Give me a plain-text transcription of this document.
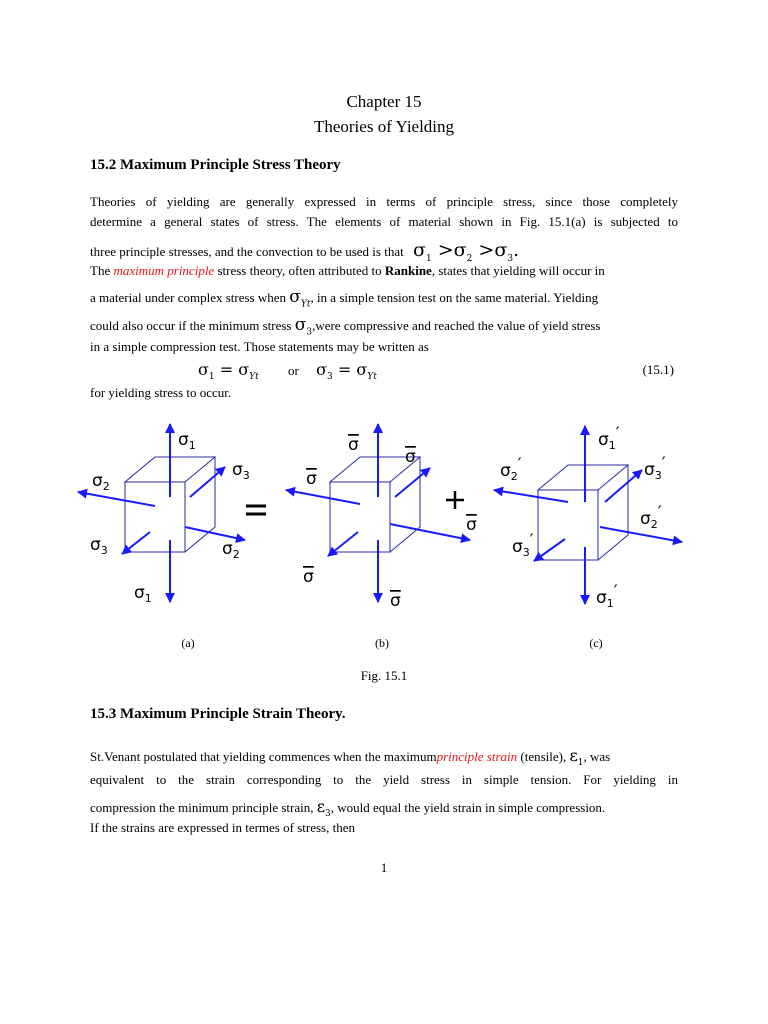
Chapter 15
Theories of Yielding
15.2 Maximum Principle Stress Theory
Theories of yielding are generally expressed in terms of principle stress, since those completely
determine a general states of stress. The elements of material shown in Fig. 15.1(a) is subjected to
three principle stresses, and the convection to be used is that $\sigma_1 >\sigma_2 >\sigma_3$.
The maximum principle stress theory, often attributed to Rankine, states that yielding will occur in
a material under complex stress when $\sigma_{Yt}$, in a simple tension test on the same material. Yielding
could also occur if the minimum stress $\sigma_3,were$ compressive and reached the value of yield stress
in a simple compression test. Those statements may be written as
$\sigma_1 = \sigma_{Yt}$ or $\sigma_3 = \sigma_{Yt}$
(15.1)
for yielding stress to occur.
$\sigma_1$
$\sigma_3$
$\sigma_2$
$\sigma_3$	$\sigma_2$
$\sigma_1$
σ
σ
σ
σ
σ
σ
$\sigma_1'$
$\sigma_3'$
$\sigma_2'$
$\sigma_2'$
$\sigma_3'$
$\sigma_1'$
(a)	(b)	(c)
Fig. 15.1
15.3 Maximum Principle Strain Theory.
St.Venant postulated that yielding commences when the maximumprinciple strain (tensile), $\varepsilon_1$, was
equivalent to the strain corresponding to the yield stress in simple tension. For yielding in
compression the minimum principle strain, $\varepsilon_3$, would equal the yield strain in simple compression.
If the strains are expressed in termes of stress, then
1
